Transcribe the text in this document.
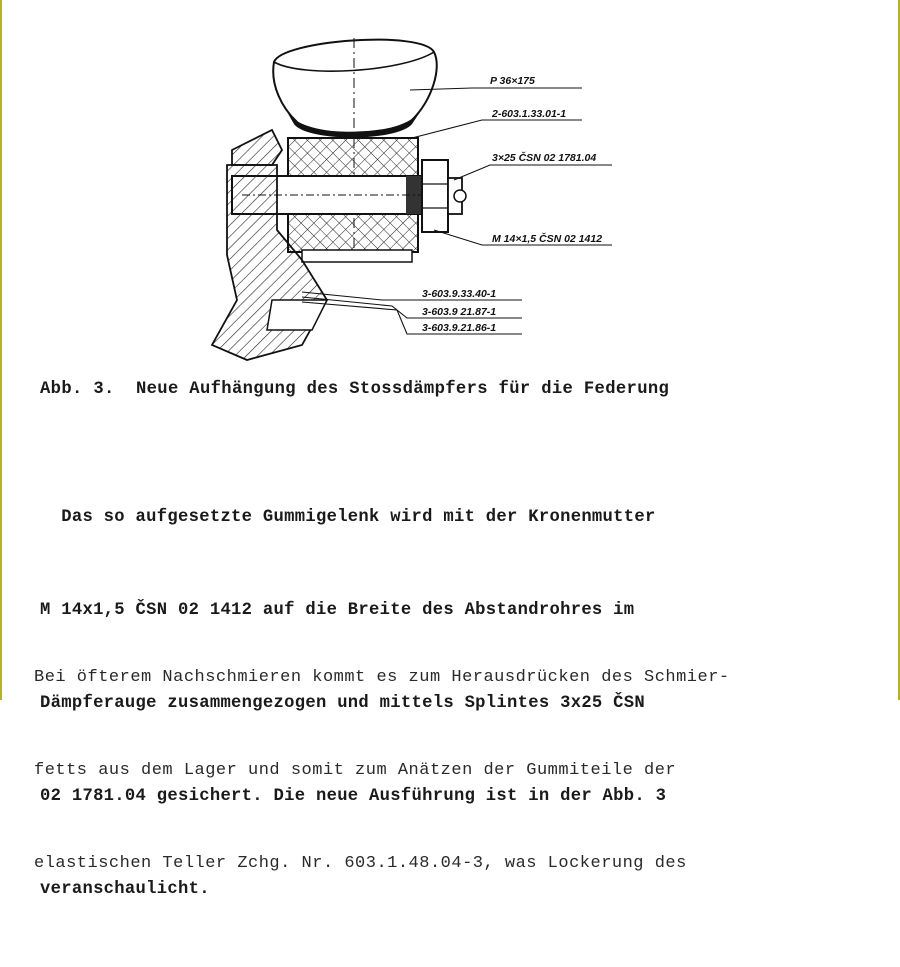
P 36×175
2-603.1.33.01-1
3×25 ČSN 02 1781.04
M 14×1,5 ČSN 02 1412
3-603.9.33.40-1
3-603.9 21.87-1
3-603.9.21.86-1
Abb. 3.  Neue Aufhängung des Stossdämpfers für die Federung

Das so aufgesetzte Gummigelenk wird mit der Kronenmutter

M 14x1,5 ČSN 02 1412 auf die Breite des Abstandrohres im

Dämpferauge zusammengezogen und mittels Splintes 3x25 ČSN

02 1781.04 gesichert. Die neue Ausführung ist in der Abb. 3

veranschaulicht.

Bei öfterem Nachschmieren kommt es zum Herausdrücken des Schmier-

fetts aus dem Lager und somit zum Anätzen der Gummiteile der

elastischen Teller Zchg. Nr. 603.1.48.04-3, was Lockerung des
